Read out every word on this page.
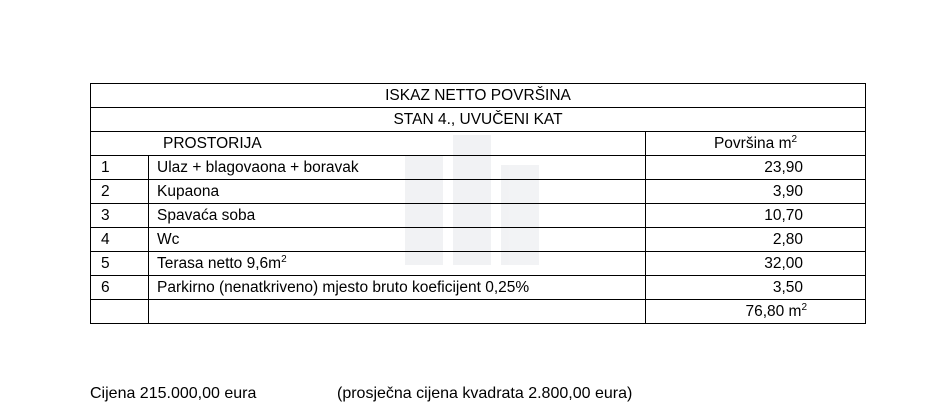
ISKAZ NETTO POVRŠINA		
STAN 4., UVUČENI KAT		
PROSTORIJA		Površina $m^2$
1	Ulaz + blagovaona + boravak	23,90
2	Kupaona	3,90
3	Spavaća soba	10,70
4	Wc	2,80
5	Terasa netto $9,6m^2$	32,00
6	Parkirno (nenatkriveno) mjesto bruto koeficijent 0,25%	3,50
		76,80 $m^2$
Cijena 215.000,00 eura	(prosječna cijena kvadrata 2.800,00 eura)
